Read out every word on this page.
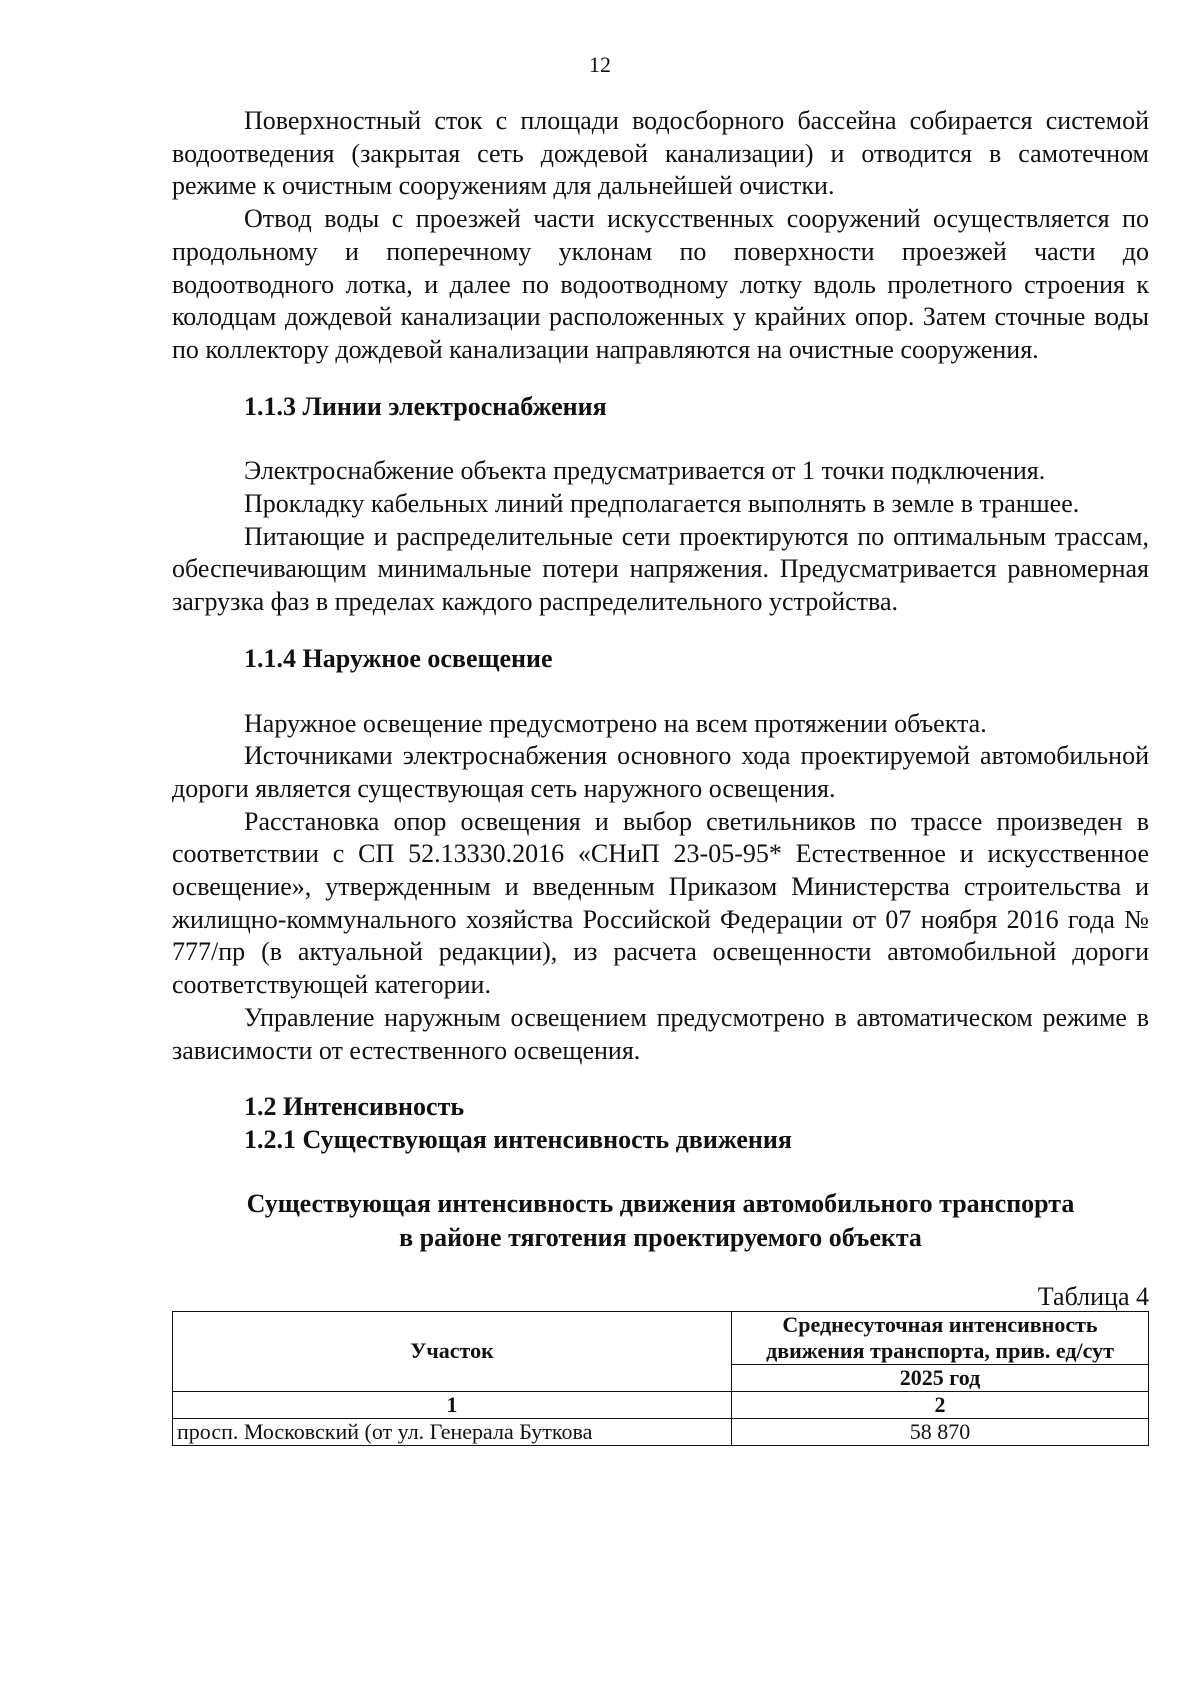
12

Поверхностный сток с площади водосборного бассейна собирается системой водоотведения (закрытая сеть дождевой канализации) и отводится в самотечном режиме к очистным сооружениям для дальнейшей очистки.

Отвод воды с проезжей части искусственных сооружений осуществляется по продольному и поперечному уклонам по поверхности проезжей части до водоотводного лотка, и далее по водоотводному лотку вдоль пролетного строения к колодцам дождевой канализации расположенных у крайних опор. Затем сточные воды по коллектору дождевой канализации направляются на очистные сооружения.

1.1.3 Линии электроснабжения

Электроснабжение объекта предусматривается от 1 точки подключения.

Прокладку кабельных линий предполагается выполнять в земле в траншее.

Питающие и распределительные сети проектируются по оптимальным трассам, обеспечивающим минимальные потери напряжения. Предусматривается равномерная загрузка фаз в пределах каждого распределительного устройства.

1.1.4 Наружное освещение

Наружное освещение предусмотрено на всем протяжении объекта.

Источниками электроснабжения основного хода проектируемой автомобильной дороги является существующая сеть наружного освещения.

Расстановка опор освещения и выбор светильников по трассе произведен в соответствии с СП 52.13330.2016 «СНиП 23-05-95* Естественное и искусственное освещение», утвержденным и введенным Приказом Министерства строительства и жилищно-коммунального хозяйства Российской Федерации от 07 ноября 2016 года № 777/пр (в актуальной редакции), из расчета освещенности автомобильной дороги соответствующей категории.

Управление наружным освещением предусмотрено в автоматическом режиме в зависимости от естественного освещения.

1.2 Интенсивность

1.2.1 Существующая интенсивность движения

Существующая интенсивность движения автомобильного транспорта

в районе тяготения проектируемого объекта

Таблица 4

Участок	Среднесуточная интенсивность
движения транспорта, прив. ед/сут

	2025 год
1	2
просп. Московский (от ул. Генерала Буткова	58 870
